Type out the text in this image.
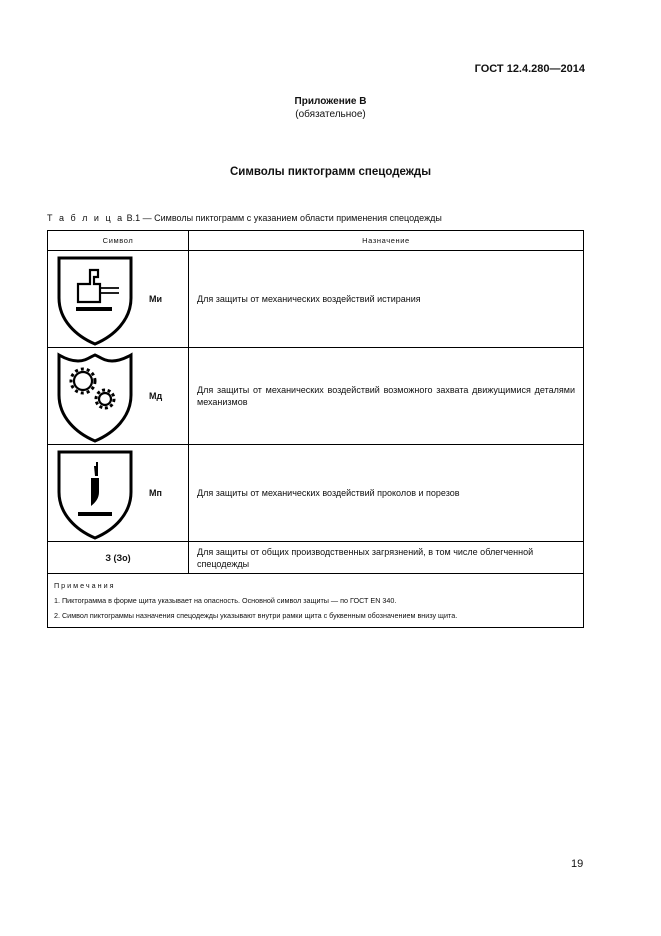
ГОСТ 12.4.280—2014
Приложение В
(обязательное)
Символы пиктограмм спецодежды
Т а б л и ц а В.1 — Символы пиктограмм с указанием области применения спецодежды
Символ	Назначение

Ми	Для защиты от механических воздействий истирания

Мд	Для защиты от механических воздействий возможного захвата движущимися деталями механизмов

Мп	Для защиты от механических воздействий проколов и порезов
З (Зо)	Для защиты от общих производственных загрязнений, в том числе облегченной спецодежды

Примечания
1. Пиктограмма в форме щита указывает на опасность. Основной символ защиты — по ГОСТ EN 340.
2. Символ пиктограммы назначения спецодежды указывают внутри рамки щита с буквенным обозначением внизу щита.	
19
